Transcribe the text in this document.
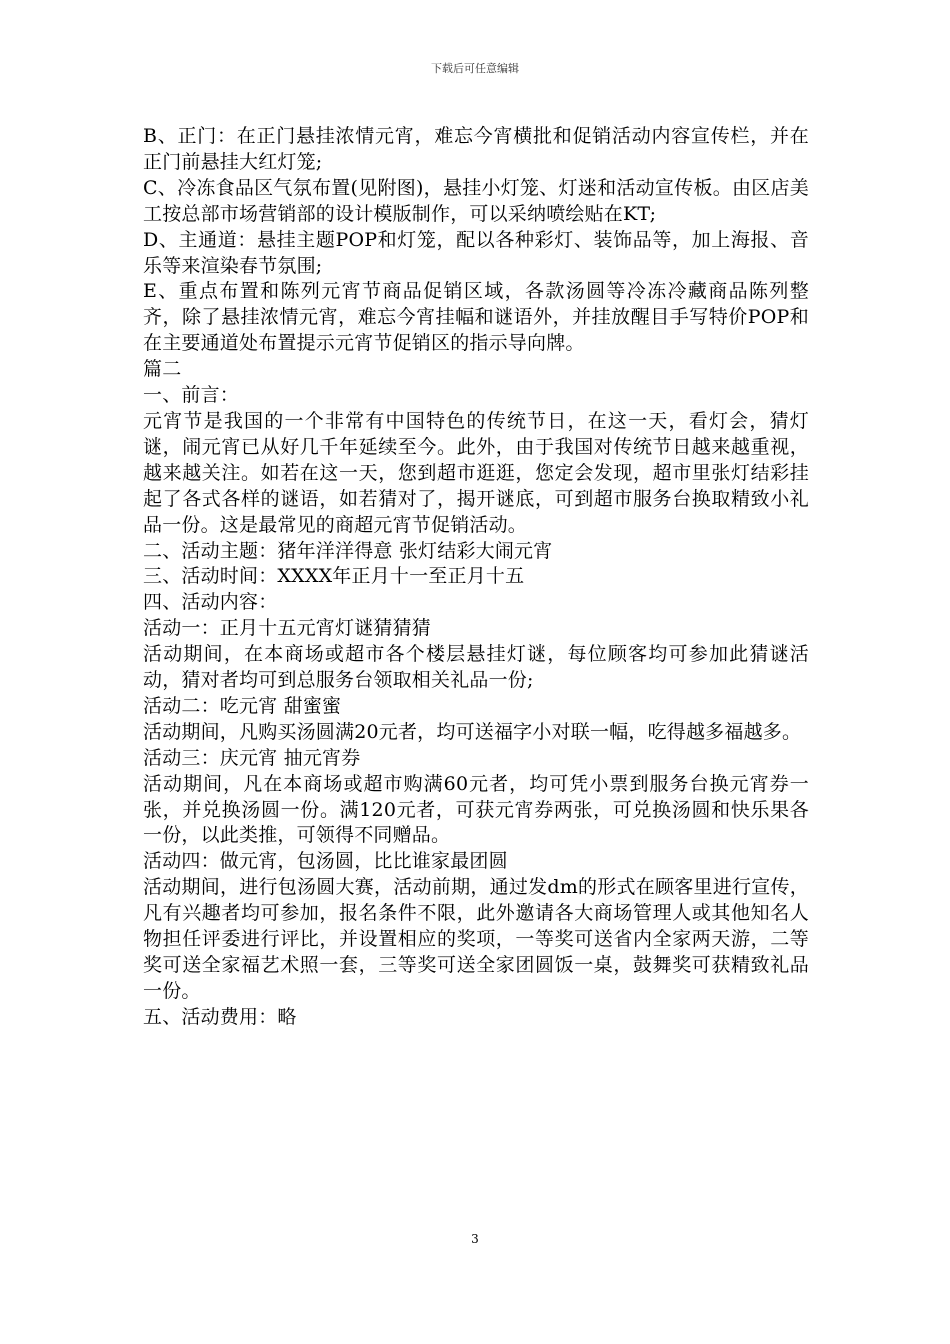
下载后可任意编辑

B、正门：在正门悬挂浓情元宵，难忘今宵横批和促销活动内容宣传栏，并在正门前悬挂大红灯笼;

C、冷冻食品区气氛布置(见附图)，悬挂小灯笼、灯迷和活动宣传板。由区店美工按总部市场营销部的设计模版制作，可以采纳喷绘贴在KT;

D、主通道：悬挂主题POP和灯笼，配以各种彩灯、装饰品等，加上海报、音乐等来渲染春节氛围;

E、重点布置和陈列元宵节商品促销区域，各款汤圆等冷冻冷藏商品陈列整齐，除了悬挂浓情元宵，难忘今宵挂幅和谜语外，并挂放醒目手写特价POP和在主要通道处布置提示元宵节促销区的指示导向牌。

篇二

一、前言：

元宵节是我国的一个非常有中国特色的传统节日，在这一天，看灯会，猜灯谜，闹元宵已从好几千年延续至今。此外，由于我国对传统节日越来越重视，越来越关注。如若在这一天，您到超市逛逛，您定会发现，超市里张灯结彩挂起了各式各样的谜语，如若猜对了，揭开谜底，可到超市服务台换取精致小礼品一份。这是最常见的商超元宵节促销活动。

二、活动主题：猪年洋洋得意 张灯结彩大闹元宵

三、活动时间：XXXX年正月十一至正月十五

四、活动内容：

活动一：正月十五元宵灯谜猜猜猜

活动期间，在本商场或超市各个楼层悬挂灯谜，每位顾客均可参加此猜谜活动，猜对者均可到总服务台领取相关礼品一份;

活动二：吃元宵 甜蜜蜜

活动期间，凡购买汤圆满20元者，均可送福字小对联一幅，吃得越多福越多。

活动三：庆元宵 抽元宵券

活动期间，凡在本商场或超市购满60元者，均可凭小票到服务台换元宵券一张，并兑换汤圆一份。满120元者，可获元宵券两张，可兑换汤圆和快乐果各一份，以此类推，可领得不同赠品。

活动四：做元宵，包汤圆，比比谁家最团圆

活动期间，进行包汤圆大赛，活动前期，通过发dm的形式在顾客里进行宣传，凡有兴趣者均可参加，报名条件不限，此外邀请各大商场管理人或其他知名人物担任评委进行评比，并设置相应的奖项，一等奖可送省内全家两天游，二等奖可送全家福艺术照一套，三等奖可送全家团圆饭一桌，鼓舞奖可获精致礼品一份。

五、活动费用：略

3
